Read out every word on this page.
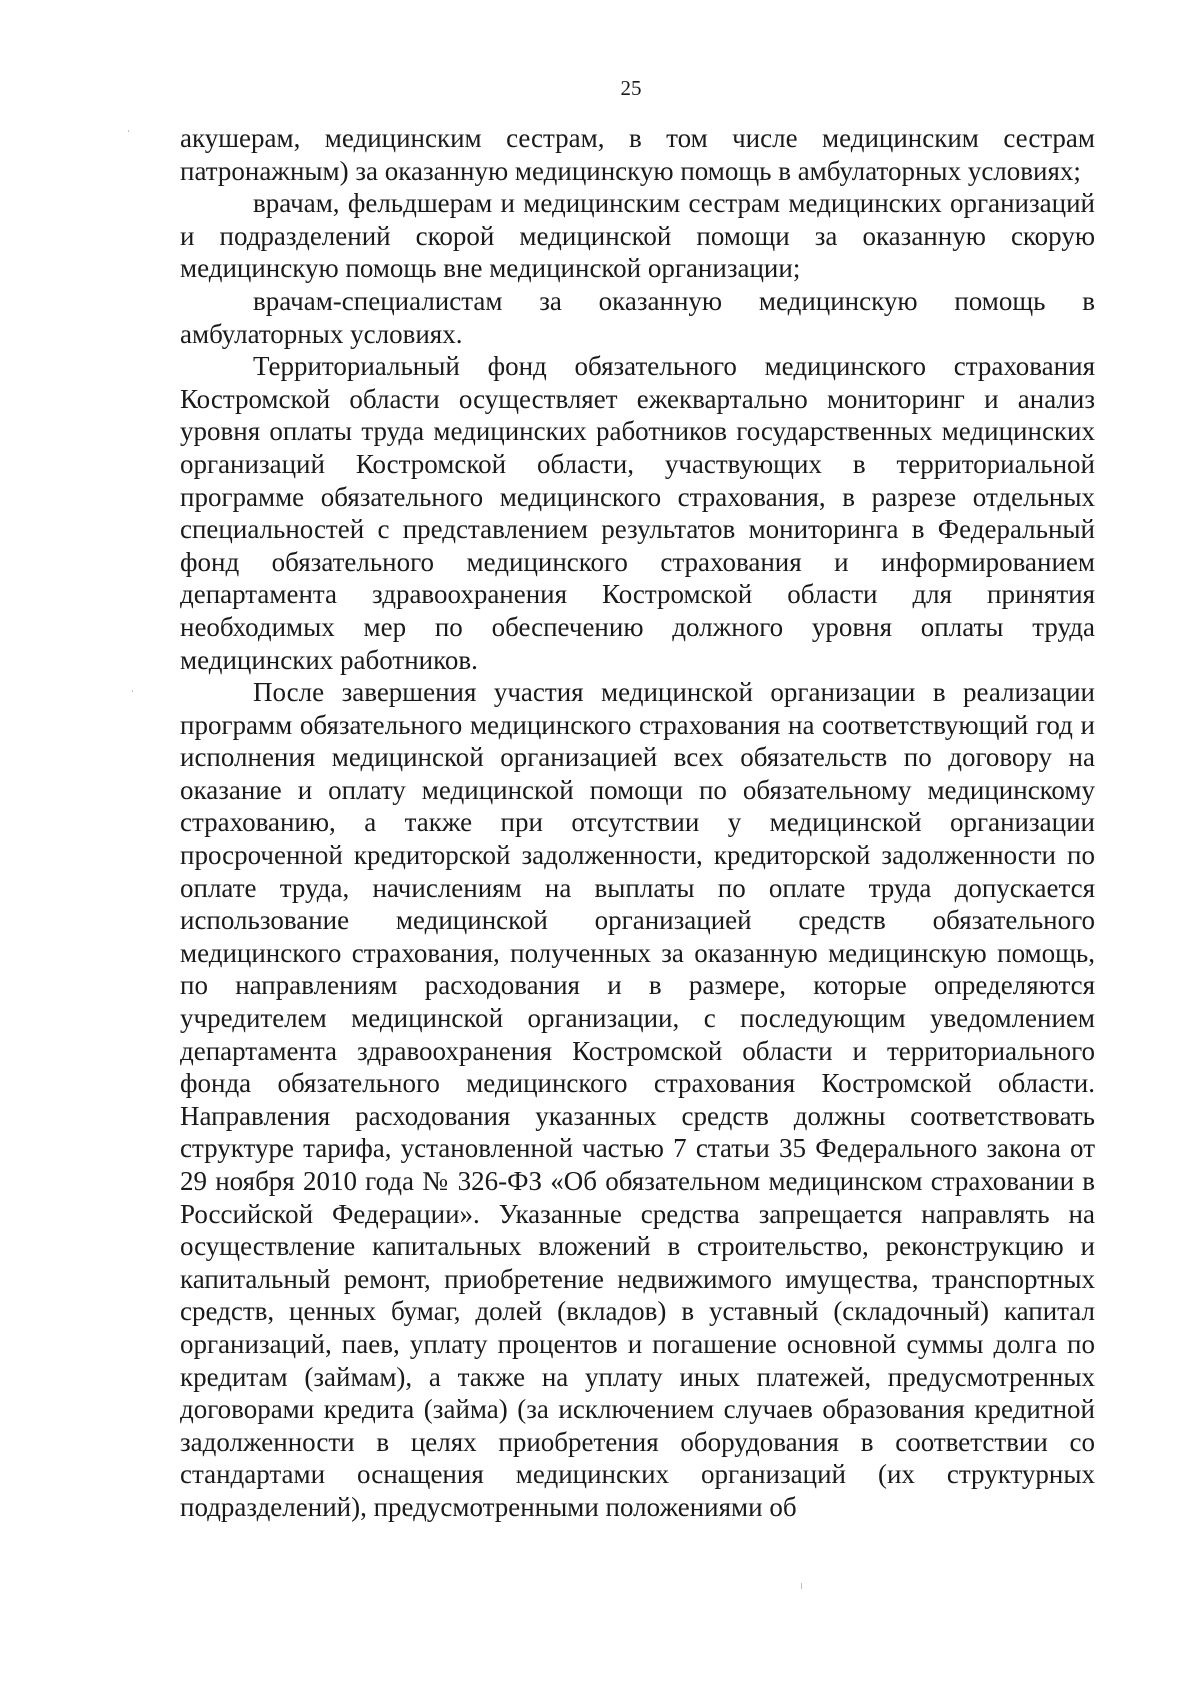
25

акушерам, медицинским сестрам, в том числе медицинским сестрам патронажным) за оказанную медицинскую помощь в амбулаторных условиях;

врачам, фельдшерам и медицинским сестрам медицинских организаций и подразделений скорой медицинской помощи за оказанную скорую медицинскую помощь вне медицинской организации;

врачам-специалистам за оказанную медицинскую помощь в амбулаторных условиях.

Территориальный фонд обязательного медицинского страхования Костромской области осуществляет ежеквартально мониторинг и анализ уровня оплаты труда медицинских работников государственных медицинских организаций Костромской области, участвующих в территориальной программе обязательного медицинского страхования, в разрезе отдельных специальностей с представлением результатов мониторинга в Федеральный фонд обязательного медицинского страхования и информированием департамента здравоохранения Костромской области для принятия необходимых мер по обеспечению должного уровня оплаты труда медицинских работников.

После завершения участия медицинской организации в реализации программ обязательного медицинского страхования на соответствующий год и исполнения медицинской организацией всех обязательств по договору на оказание и оплату медицинской помощи по обязательному медицинскому страхованию, а также при отсутствии у медицинской организации просроченной кредиторской задолженности, кредиторской задолженности по оплате труда, начислениям на выплаты по оплате труда допускается использование медицинской организацией средств обязательного медицинского страхования, полученных за оказанную медицинскую помощь, по направлениям расходования и в размере, которые определяются учредителем медицинской организации, с последующим уведомлением департамента здравоохранения Костромской области и территориального фонда обязательного медицинского страхования Костромской области. Направления расходования указанных средств должны соответствовать структуре тарифа, установленной частью 7 статьи 35 Федерального закона от 29 ноября 2010 года № 326-ФЗ «Об обязательном медицинском страховании в Российской Федерации». Указанные средства запрещается направлять на осуществление капитальных вложений в строительство, реконструкцию и капитальный ремонт, приобретение недвижимого имущества, транспортных средств, ценных бумаг, долей (вкладов) в уставный (складочный) капитал организаций, паев, уплату процентов и погашение основной суммы долга по кредитам (займам), а также на уплату иных платежей, предусмотренных договорами кредита (займа) (за исключением случаев образования кредитной задолженности в целях приобретения оборудования в соответствии со стандартами оснащения медицинских организаций (их структурных подразделений), предусмотренными положениями об
